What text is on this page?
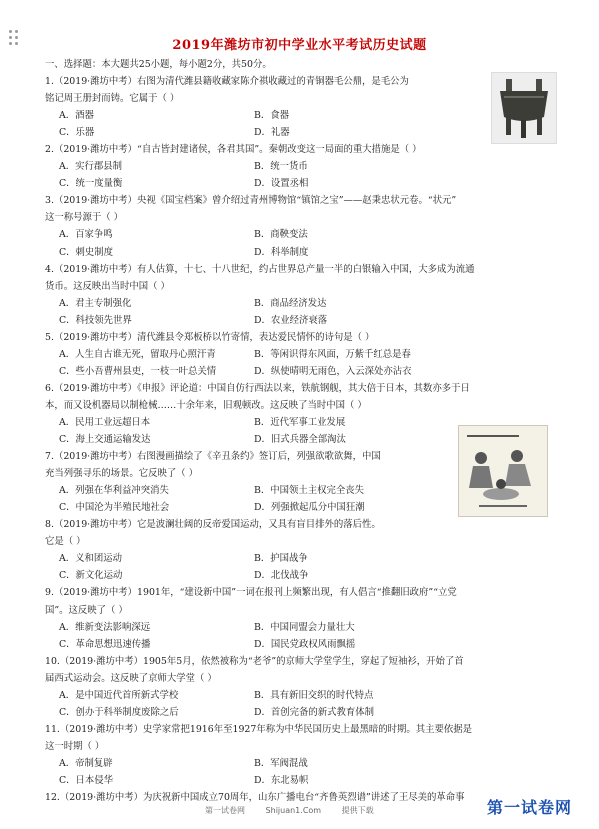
2019年潍坊市初中学业水平考试历史试题
一、选择题：本大题共25小题，每小题2分，共50分。
1.（2019·潍坊中考）右图为清代潍县籍收藏家陈介祺收藏过的青铜器毛公鼎，是毛公为
铭记周王册封而铸。它属于（ ）
A．酒器	B．食器
C．乐器	D．礼器
2.（2019·潍坊中考）“自古皆封建诸侯，各君其国”。秦朝改变这一局面的重大措施是（ ）
A．实行郡县制	B．统一货币
C．统一度量衡	D．设置丞相
3.（2019·潍坊中考）央视《国宝档案》曾介绍过青州博物馆“镇馆之宝”——赵秉忠状元卷。“状元”
这一称号源于（ ）
A．百家争鸣	B．商鞅变法
C．刺史制度	D．科举制度
4.（2019·潍坊中考）有人估算，十七、十八世纪，约占世界总产量一半的白银输入中国，大多成为流通
货币。这反映出当时中国（ ）
A．君主专制强化	B．商品经济发达
C．科技领先世界	D．农业经济衰落
5.（2019·潍坊中考）清代潍县令郑板桥以竹寄情，表达爱民情怀的诗句是（ ）
A．人生自古谁无死，留取丹心照汗青	B．等闲识得东风面，万紫千红总是春
C．些小吾曹州县吏，一枝一叶总关情	D．纵使晴明无雨色，入云深处亦沾衣
6.（2019·潍坊中考）《申报》评论道：中国自仿行西法以来，铁航钢舰，其大倍于日本，其数亦多于日
本，而又设机器局以制枪械……十余年来，旧观顿改。这反映了当时中国（ ）
A．民用工业远超日本	B．近代军事工业发展
C．海上交通运输发达	D．旧式兵器全部淘汰
7.（2019·潍坊中考）右图漫画描绘了《辛丑条约》签订后，列强欲歌欲舞，中国
充当列强寻乐的场景。它反映了（ ）
A．列强在华利益冲突消失	B．中国领土主权完全丧失
C．中国沦为半殖民地社会	D．列强掀起瓜分中国狂潮
8.（2019·潍坊中考）它是波澜壮阔的反帝爱国运动，又具有盲目排外的落后性。
它是（ ）
A．义和团运动	B．护国战争
C．新文化运动	D．北伐战争
9.（2019·潍坊中考）1901年，“建设新中国”一词在报刊上频繁出现，有人倡言“推翻旧政府”“立党
国”。这反映了（ ）
A．维新变法影响深远	B．中国同盟会力量壮大
C．革命思想迅速传播	D．国民党政权风雨飘摇
10.（2019·潍坊中考）1905年5月，依然被称为“老爷”的京师大学堂学生，穿起了短袖衫，开始了首
届西式运动会。这反映了京师大学堂（ ）
A．是中国近代首所新式学校	B．具有新旧交织的时代特点
C．创办于科举制度废除之后	D．首创完备的新式教育体制
11.（2019·潍坊中考）史学家常把1916年至1927年称为中华民国历史上最黑暗的时期。其主要依据是
这一时期（ ）
A．帝制复辟	B．军阀混战
C．日本侵华	D．东北易帜
12.（2019·潍坊中考）为庆祝新中国成立70周年，山东广播电台“齐鲁英烈谱”讲述了王尽美的革命事
第一试卷网	Shijuan1.Com	提供下载	第一试卷网
